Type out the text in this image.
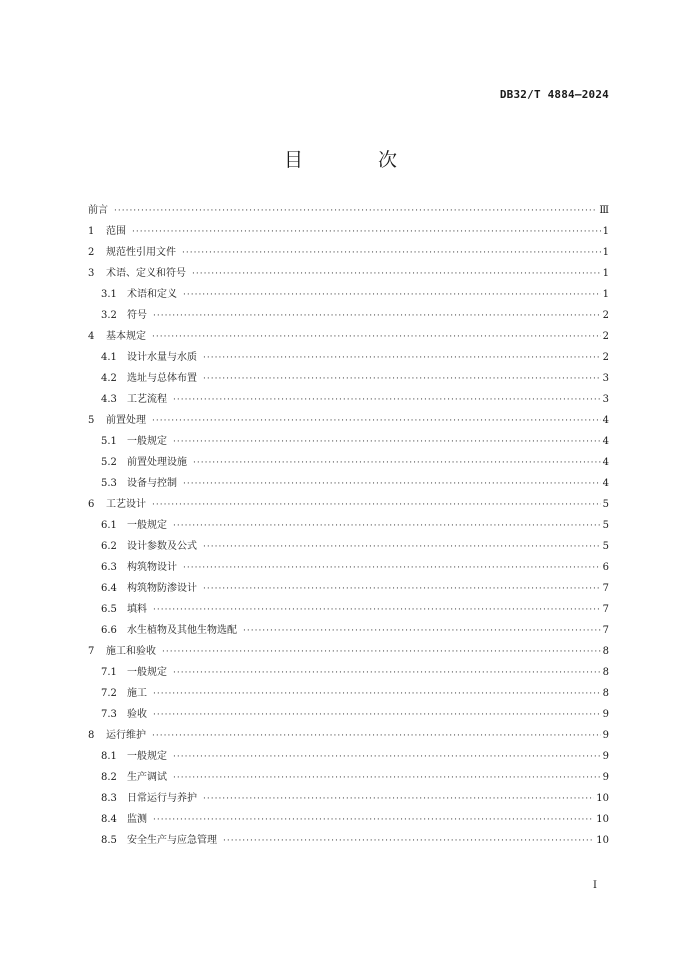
DB32/T 4884—2024
目　次
前言 ·····	Ⅲ
1	范围 ·····	1
2	规范性引用文件 ·····	1
3	术语、定义和符号 ·····	1
3.1	术语和定义 ·····	1
3.2	符号 ·····	2
4	基本规定 ·····	2
4.1	设计水量与水质 ·····	2
4.2	选址与总体布置 ·····	3
4.3	工艺流程 ·····	3
5	前置处理 ·····	4
5.1	一般规定 ·····	4
5.2	前置处理设施 ·····	4
5.3	设备与控制 ·····	4
6	工艺设计 ·····	5
6.1	一般规定 ·····	5
6.2	设计参数及公式 ·····	5
6.3	构筑物设计 ·····	6
6.4	构筑物防渗设计 ·····	7
6.5	填料 ·····	7
6.6	水生植物及其他生物选配 ·····	7
7	施工和验收 ·····	8
7.1	一般规定 ·····	8
7.2	施工 ·····	8
7.3	验收 ·····	9
8	运行维护 ·····	9
8.1	一般规定 ·····	9
8.2	生产调试 ·····	9
8.3	日常运行与养护 ·····	10
8.4	监测 ·····	10
8.5	安全生产与应急管理 ·····	10
I
